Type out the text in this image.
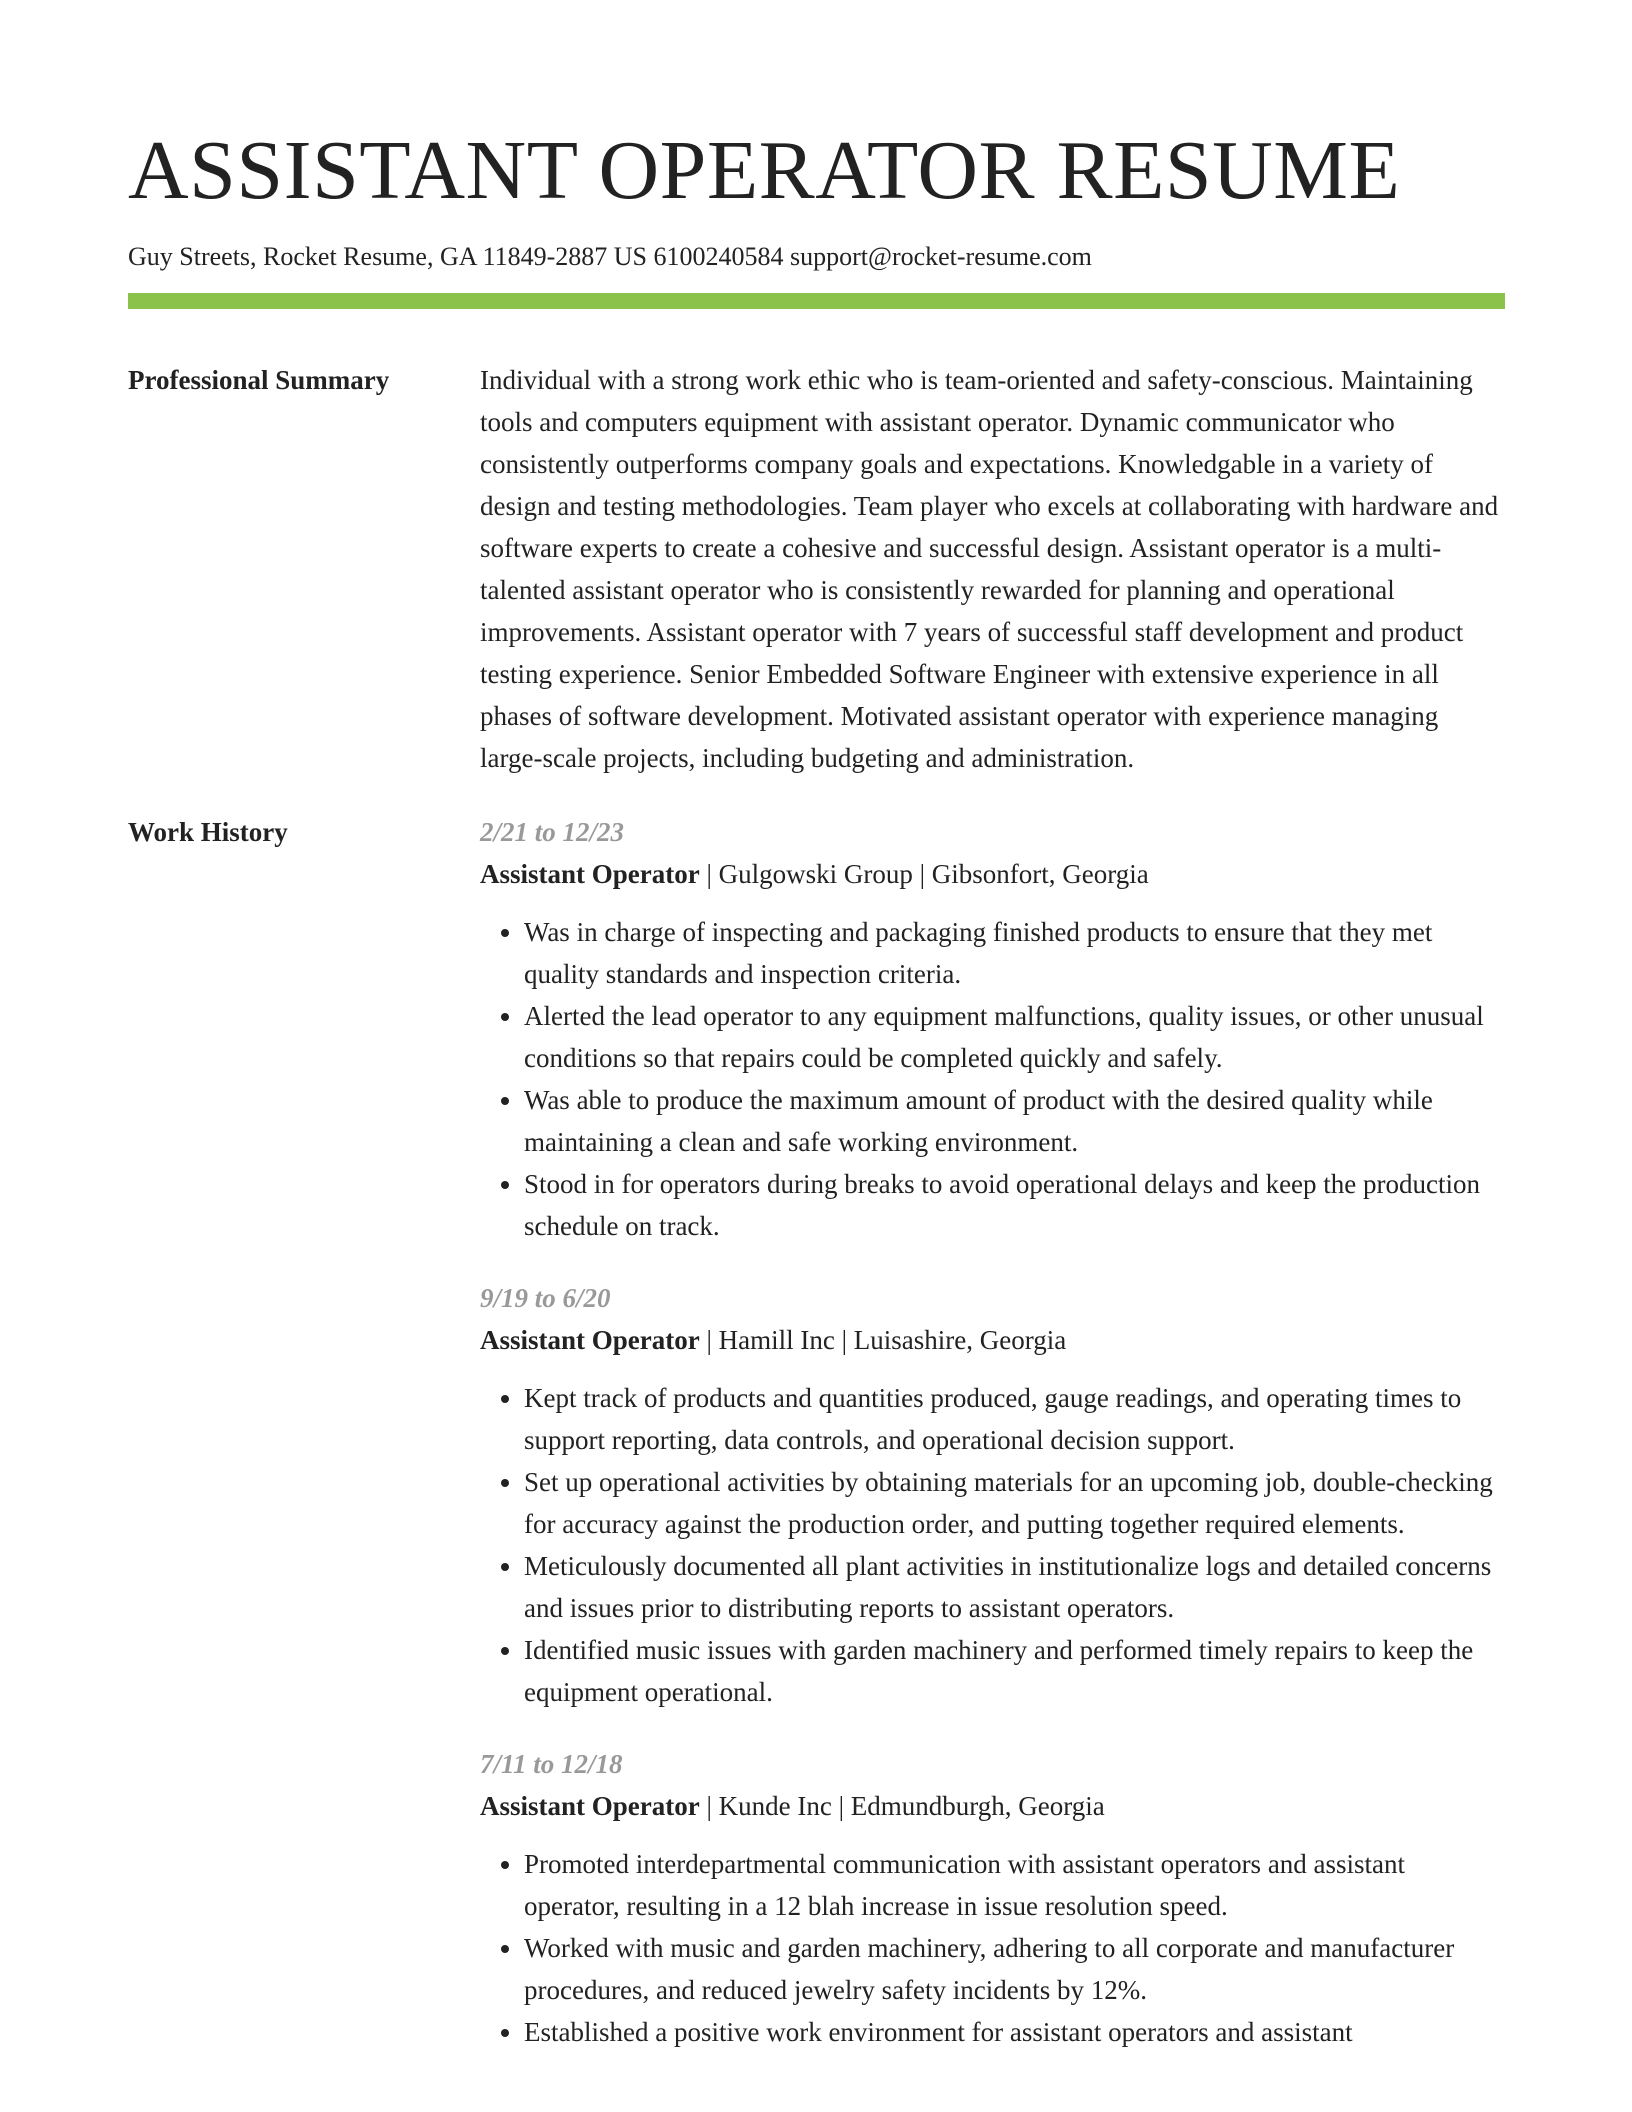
ASSISTANT OPERATOR RESUME
Guy Streets, Rocket Resume, GA 11849-2887 US 6100240584 support@rocket-resume.com
Professional Summary	Individual with a strong work ethic who is team-oriented and safety-conscious. Maintaining tools and computers equipment with assistant operator. Dynamic communicator who consistently outperforms company goals and expectations. Knowledgable in a variety of design and testing methodologies. Team player who excels at collaborating with hardware and software experts to create a cohesive and successful design. Assistant operator is a multi-talented assistant operator who is consistently rewarded for planning and operational improvements. Assistant operator with 7 years of successful staff development and product testing experience. Senior Embedded Software Engineer with extensive experience in all phases of software development. Motivated assistant operator with experience managing large-scale projects, including budgeting and administration.

Work History	2/21 to 12/23
Assistant Operator | Gulgowski Group | Gibsonfort, Georgia
• Was in charge of inspecting and packaging finished products to ensure that they met quality standards and inspection criteria.
• Alerted the lead operator to any equipment malfunctions, quality issues, or other unusual conditions so that repairs could be completed quickly and safely.
• Was able to produce the maximum amount of product with the desired quality while maintaining a clean and safe working environment.
• Stood in for operators during breaks to avoid operational delays and keep the production schedule on track.
9/19 to 6/20
Assistant Operator | Hamill Inc | Luisashire, Georgia
• Kept track of products and quantities produced, gauge readings, and operating times to support reporting, data controls, and operational decision support.
• Set up operational activities by obtaining materials for an upcoming job, double-checking for accuracy against the production order, and putting together required elements.
• Meticulously documented all plant activities in institutionalize logs and detailed concerns and issues prior to distributing reports to assistant operators.
• Identified music issues with garden machinery and performed timely repairs to keep the equipment operational.
7/11 to 12/18
Assistant Operator | Kunde Inc | Edmundburgh, Georgia
• Promoted interdepartmental communication with assistant operators and assistant operator, resulting in a 12 blah increase in issue resolution speed.
• Worked with music and garden machinery, adhering to all corporate and manufacturer procedures, and reduced jewelry safety incidents by 12%.
• Established a positive work environment for assistant operators and assistant
